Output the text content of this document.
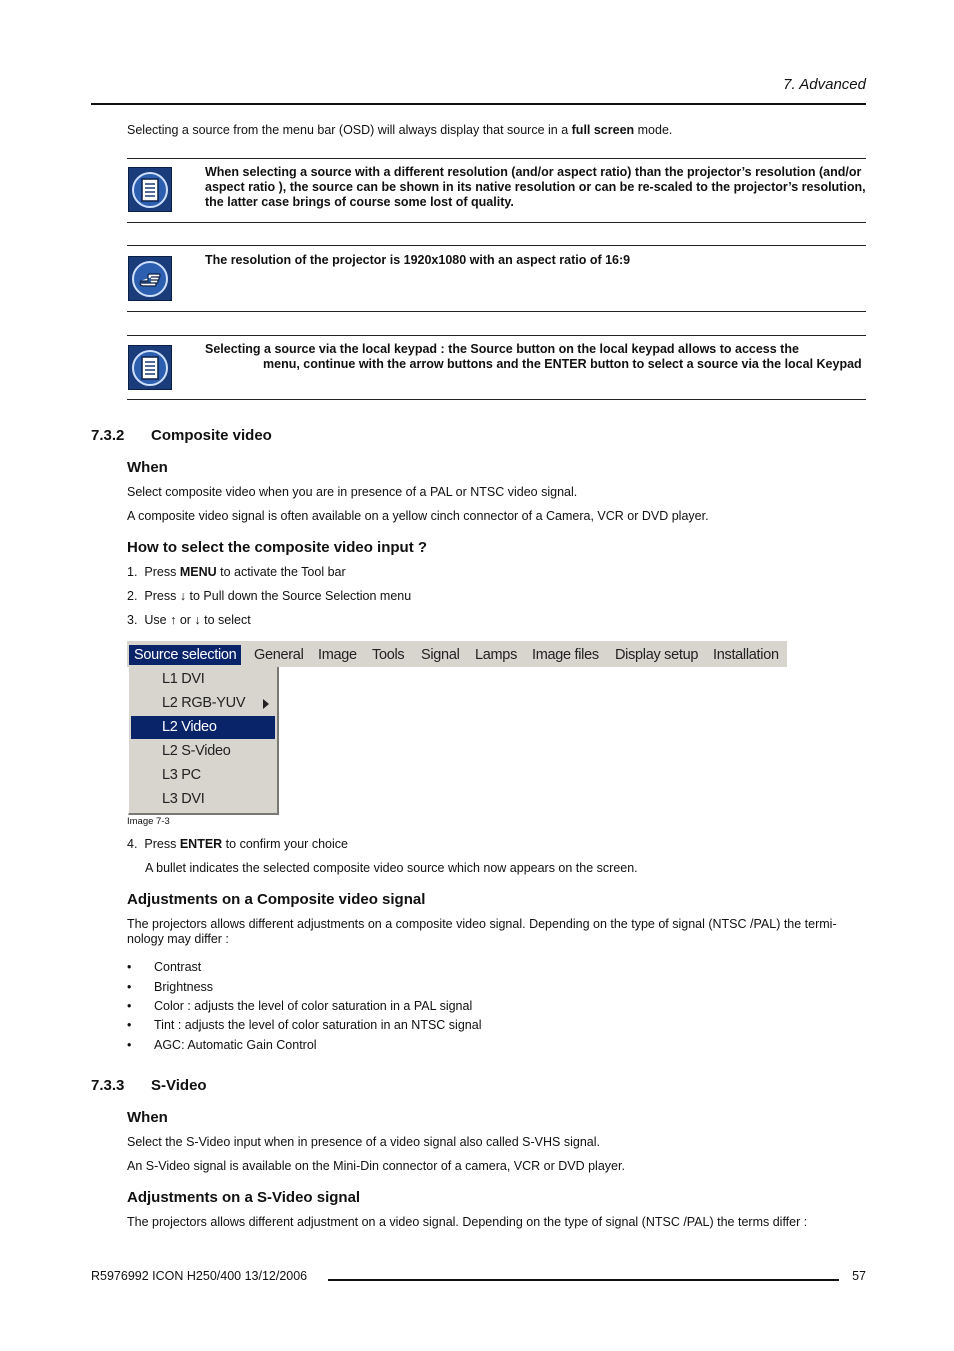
7. Advanced
Selecting a source from the menu bar (OSD) will always display that source in a full screen mode.
When selecting a source with a different resolution (and/or aspect ratio) than the projector’s resolution (and/or
aspect ratio ), the source can be shown in its native resolution or can be re-scaled to the projector’s resolution,
the latter case brings of course some lost of quality.
The resolution of the projector is 1920x1080 with an aspect ratio of 16:9
Selecting a source via the local keypad : the Source button on the local keypad allows to access the
menu, continue with the arrow buttons and the ENTER button to select a source via the local Keypad
7.3.2 Composite video
When
Select composite video when you are in presence of a PAL or NTSC video signal.
A composite video signal is often available on a yellow cinch connector of a Camera, VCR or DVD player.
How to select the composite video input ?
1. Press MENU to activate the Tool bar
2. Press ↓ to Pull down the Source Selection menu
3. Use ↑ or ↓ to select
Source selection	General Image Tools Signal Lamps Image files Display setup Installation
L1 DVI
L2 RGB-YUV
L2 Video
L2 S-Video
L3 PC
L3 DVI
Image 7-3
4. Press ENTER to confirm your choice
A bullet indicates the selected composite video source which now appears on the screen.
Adjustments on a Composite video signal
The projectors allows different adjustments on a composite video signal. Depending on the type of signal (NTSC /PAL) the termi-
nology may differ :
• Contrast
• Brightness
• Color : adjusts the level of color saturation in a PAL signal
• Tint : adjusts the level of color saturation in an NTSC signal
• AGC: Automatic Gain Control
7.3.3 S-Video
When
Select the S-Video input when in presence of a video signal also called S-VHS signal.
An S-Video signal is available on the Mini-Din connector of a camera, VCR or DVD player.
Adjustments on a S-Video signal
The projectors allows different adjustment on a video signal. Depending on the type of signal (NTSC /PAL) the terms differ :
R5976992 ICON H250/400 13/12/2006	57
